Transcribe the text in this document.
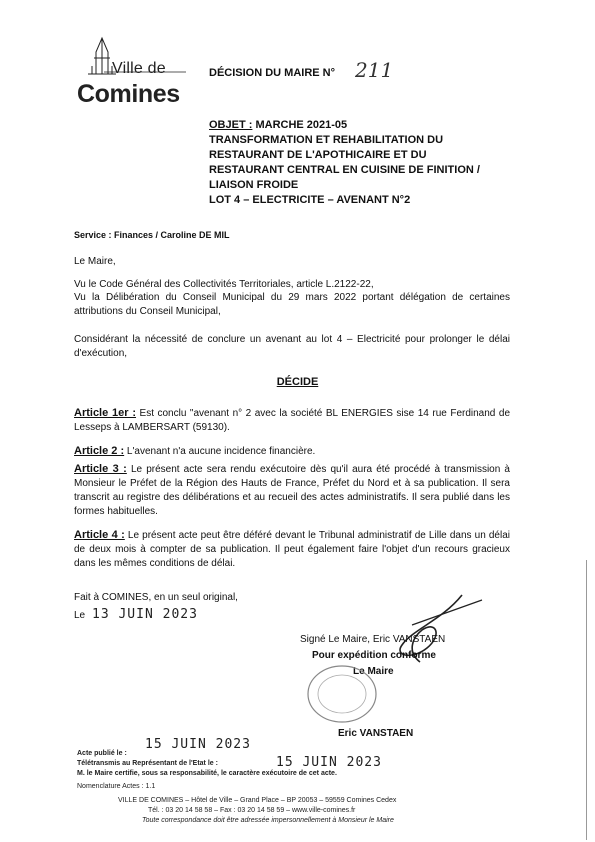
Ville de
Comines
DÉCISION DU MAIRE N° 211
OBJET : MARCHE 2021-05
TRANSFORMATION ET REHABILITATION DU
RESTAURANT DE L'APOTHICAIRE ET DU
RESTAURANT CENTRAL EN CUISINE DE FINITION /
LIAISON FROIDE
LOT 4 – ELECTRICITE – AVENANT N°2
Service : Finances / Caroline DE MIL
Le Maire,
Vu le Code Général des Collectivités Territoriales, article L.2122-22,
Vu la Délibération du Conseil Municipal du 29 mars 2022 portant délégation de certaines attributions du Conseil Municipal,
Considérant la nécessité de conclure un avenant au lot 4 – Electricité pour prolonger le délai d'exécution,
DÉCIDE
Article 1er : Est conclu "avenant n° 2 avec la société BL ENERGIES sise 14 rue Ferdinand de Lesseps à LAMBERSART (59130).
Article 2 : L'avenant n'a aucune incidence financière.
Article 3 : Le présent acte sera rendu exécutoire dès qu'il aura été procédé à transmission à Monsieur le Préfet de la Région des Hauts de France, Préfet du Nord et à sa publication. Il sera transcrit au registre des délibérations et au recueil des actes administratifs. Il sera publié dans les formes habituelles.
Article 4 : Le présent acte peut être déféré devant le Tribunal administratif de Lille dans un délai de deux mois à compter de sa publication. Il peut également faire l'objet d'un recours gracieux dans les mêmes conditions de délai.
Fait à COMINES, en un seul original,
Le 13 JUIN 2023
Signé Le Maire, Eric VANSTAEN
Pour expédition conforme
Le Maire
Eric VANSTAEN
15 JUIN 2023
15 JUIN 2023
Acte publié le :
Télétransmis au Représentant de l'Etat le :
M. le Maire certifie, sous sa responsabilité, le caractère exécutoire de cet acte.
Nomenclature Actes : 1.1
VILLE DE COMINES – Hôtel de Ville – Grand Place – BP 20053 – 59559 Comines Cedex
Tél. : 03 20 14 58 58 – Fax : 03 20 14 58 59 – www.ville-comines.fr
Toute correspondance doit être adressée impersonnellement à Monsieur le Maire
